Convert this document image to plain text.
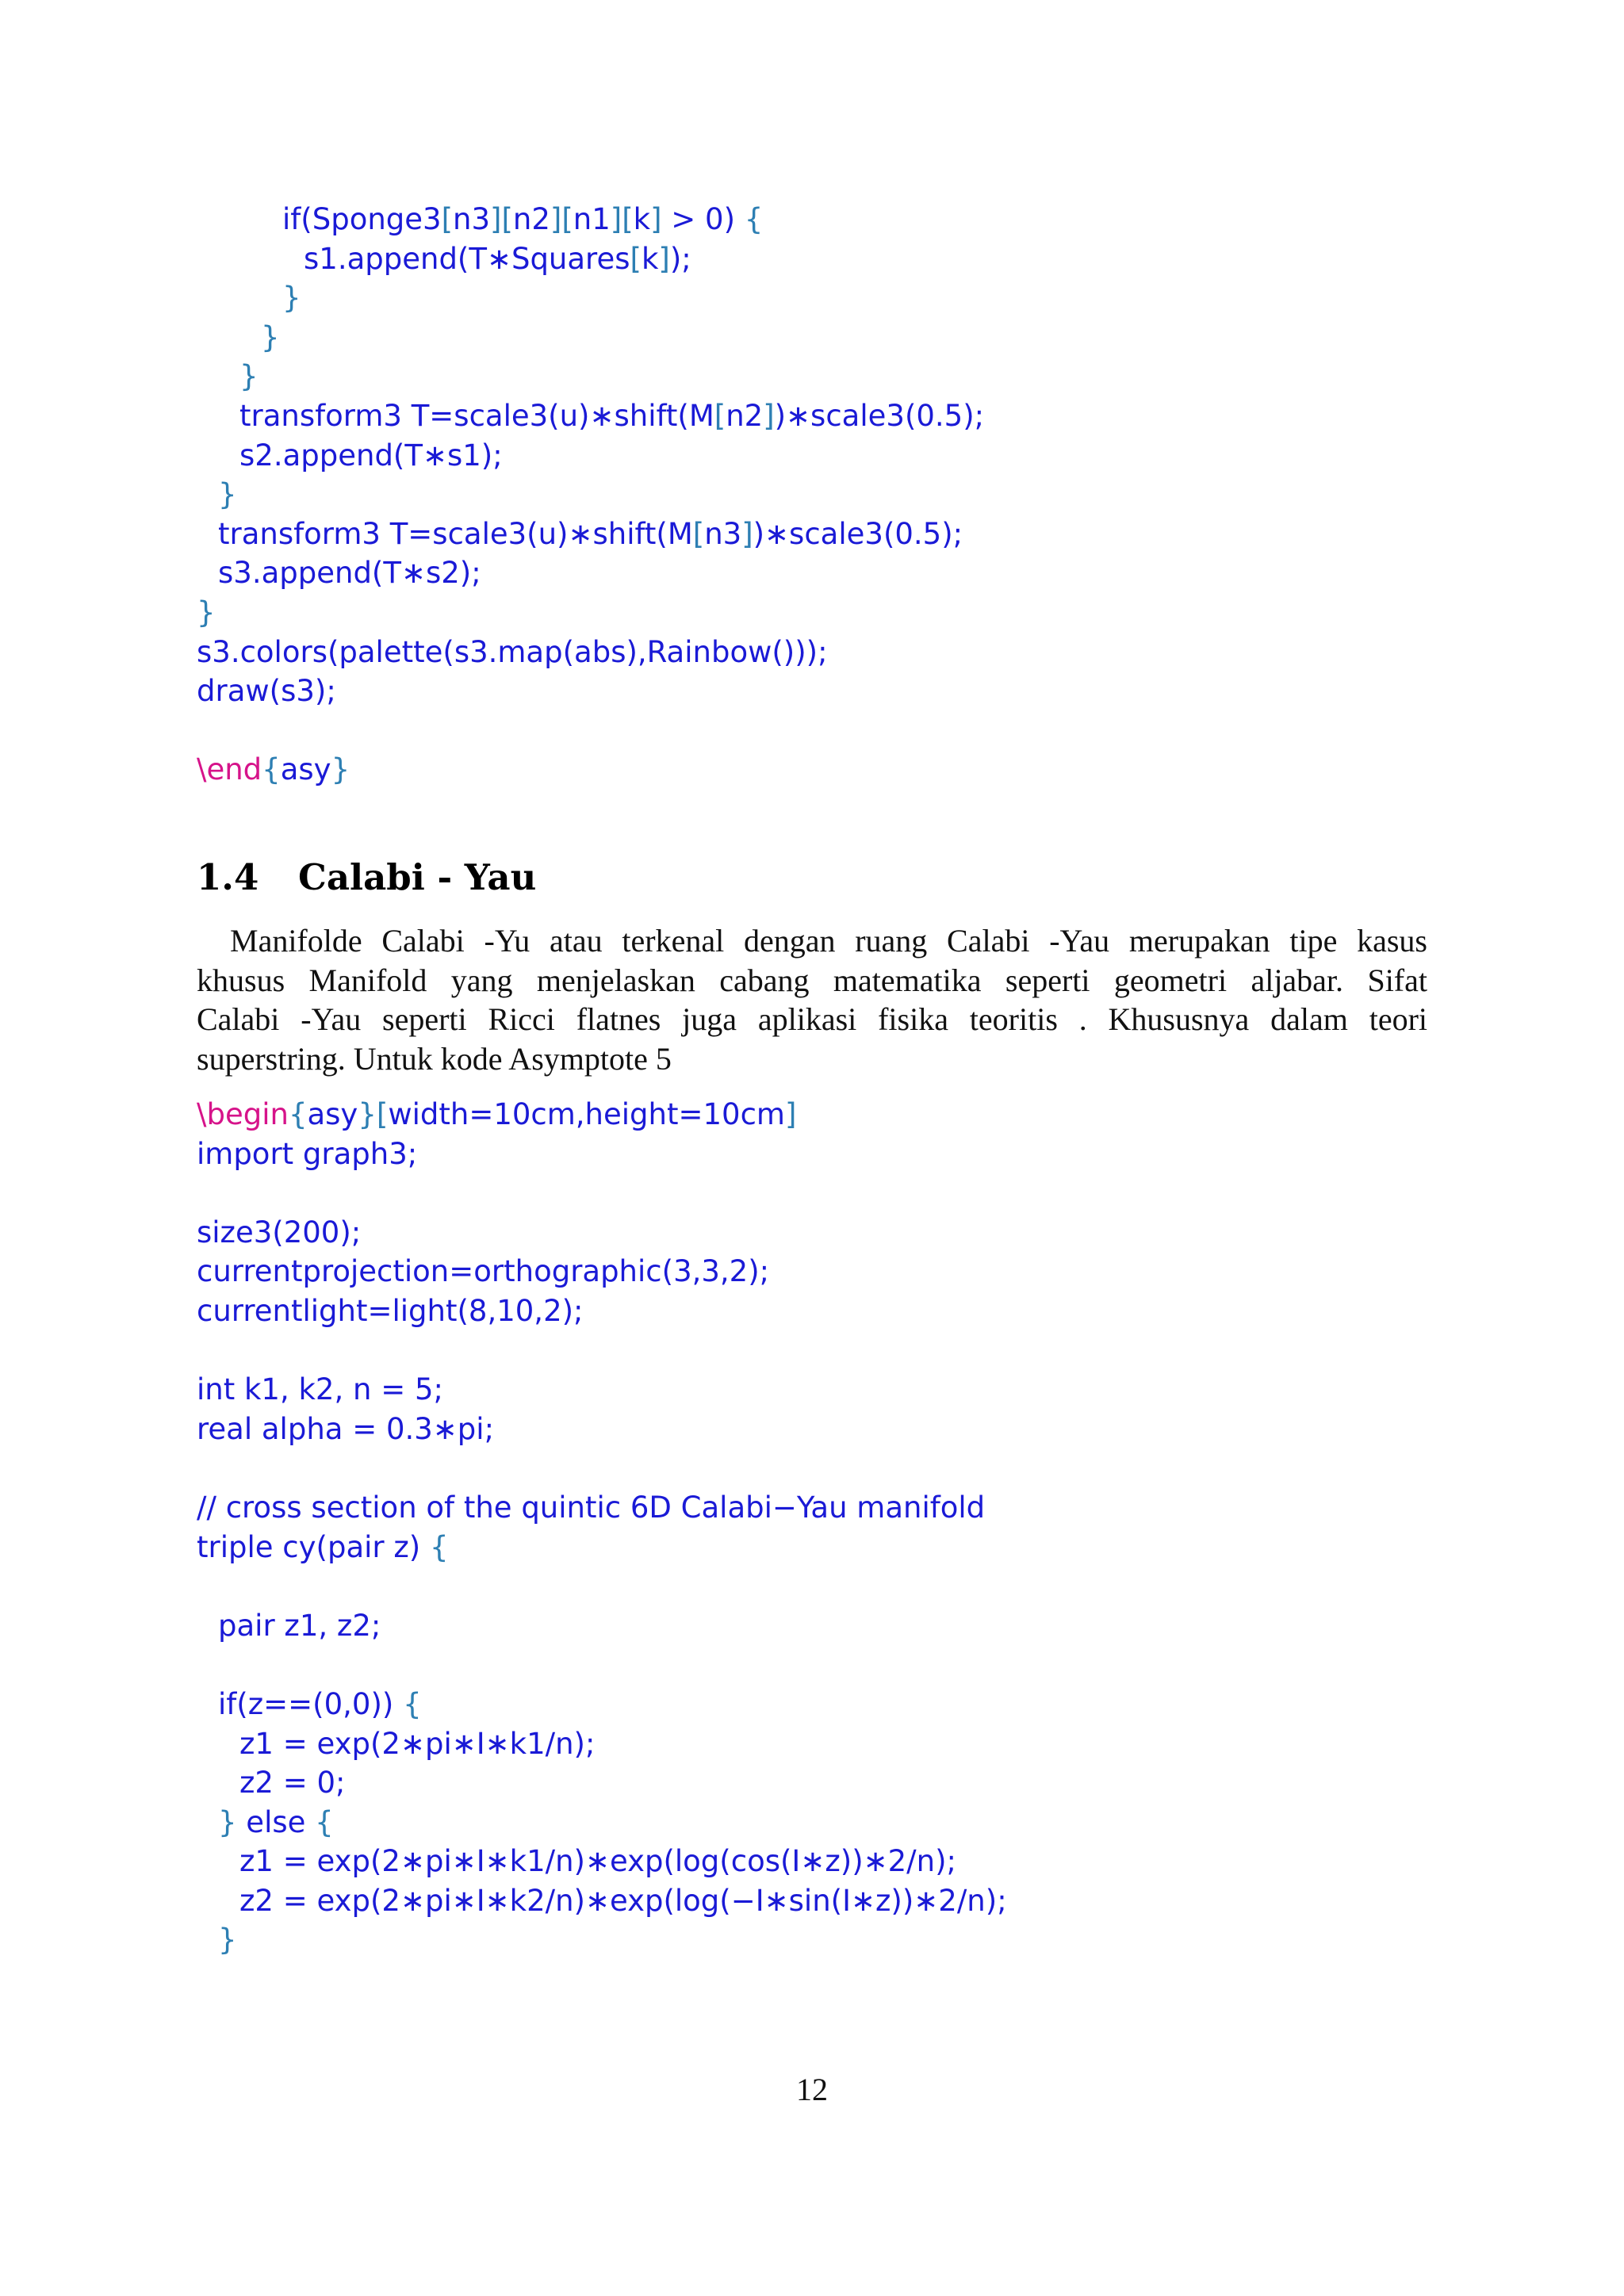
if(Sponge3[n3][n2][n1][k] > 0) {
s1.append(T∗Squares[k]);
}
}
}
transform3 T=scale3(u)∗shift(M[n2])∗scale3(0.5);
s2.append(T∗s1);
}
transform3 T=scale3(u)∗shift(M[n3])∗scale3(0.5);
s3.append(T∗s2);
}
s3.colors(palette(s3.map(abs),Rainbow()));
draw(s3);
\end{asy}
1.4 Calabi - Yau
Manifolde Calabi -Yu atau terkenal dengan ruang Calabi -Yau merupakan tipe kasus
khusus Manifold yang menjelaskan cabang matematika seperti geometri aljabar. Sifat
Calabi -Yau seperti Ricci flatnes juga aplikasi fisika teoritis . Khususnya dalam teori
superstring. Untuk kode Asymptote 5
\begin{asy}[width=10cm,height=10cm]
import graph3;
size3(200);
currentprojection=orthographic(3,3,2);
currentlight=light(8,10,2);
int k1, k2, n = 5;
real alpha = 0.3∗pi;
// cross section of the quintic 6D Calabi−Yau manifold
triple cy(pair z) {
pair z1, z2;
if(z==(0,0)) {
z1 = exp(2∗pi∗I∗k1/n);
z2 = 0;
} else {
z1 = exp(2∗pi∗I∗k1/n)∗exp(log(cos(I∗z))∗2/n);
z2 = exp(2∗pi∗I∗k2/n)∗exp(log(−I∗sin(I∗z))∗2/n);
}
12
